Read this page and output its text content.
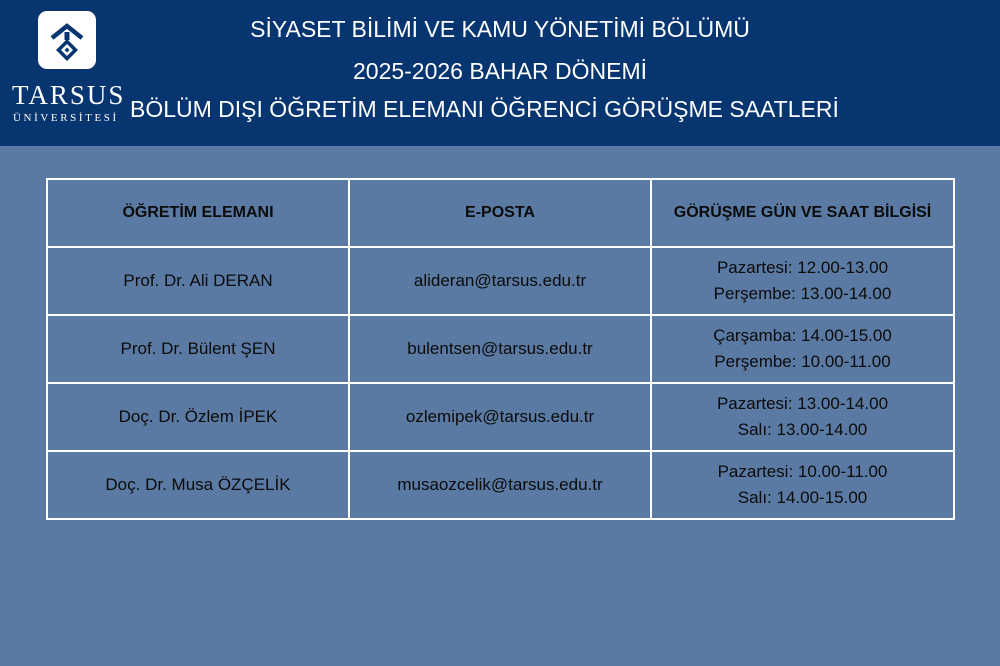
TARSUS
ÜNİVERSİTESİ
SİYASET BİLİMİ VE KAMU YÖNETİMİ BÖLÜMÜ
2025-2026 BAHAR DÖNEMİ
BÖLÜM DIŞI ÖĞRETİM ELEMANI ÖĞRENCİ GÖRÜŞME SAATLERİ
ÖĞRETİM ELEMANI	E-POSTA	GÖRÜŞME GÜN VE SAAT BİLGİSİ
Prof. Dr. Ali DERAN	alideran@tarsus.edu.tr	Pazartesi: 12.00-13.00
Perşembe: 13.00-14.00

Prof. Dr. Bülent ŞEN	bulentsen@tarsus.edu.tr	Çarşamba: 14.00-15.00
Perşembe: 10.00-11.00

Doç. Dr. Özlem İPEK	ozlemipek@tarsus.edu.tr	Pazartesi: 13.00-14.00
Salı: 13.00-14.00

Doç. Dr. Musa ÖZÇELİK	musaozcelik@tarsus.edu.tr	Pazartesi: 10.00-11.00
Salı: 14.00-15.00
